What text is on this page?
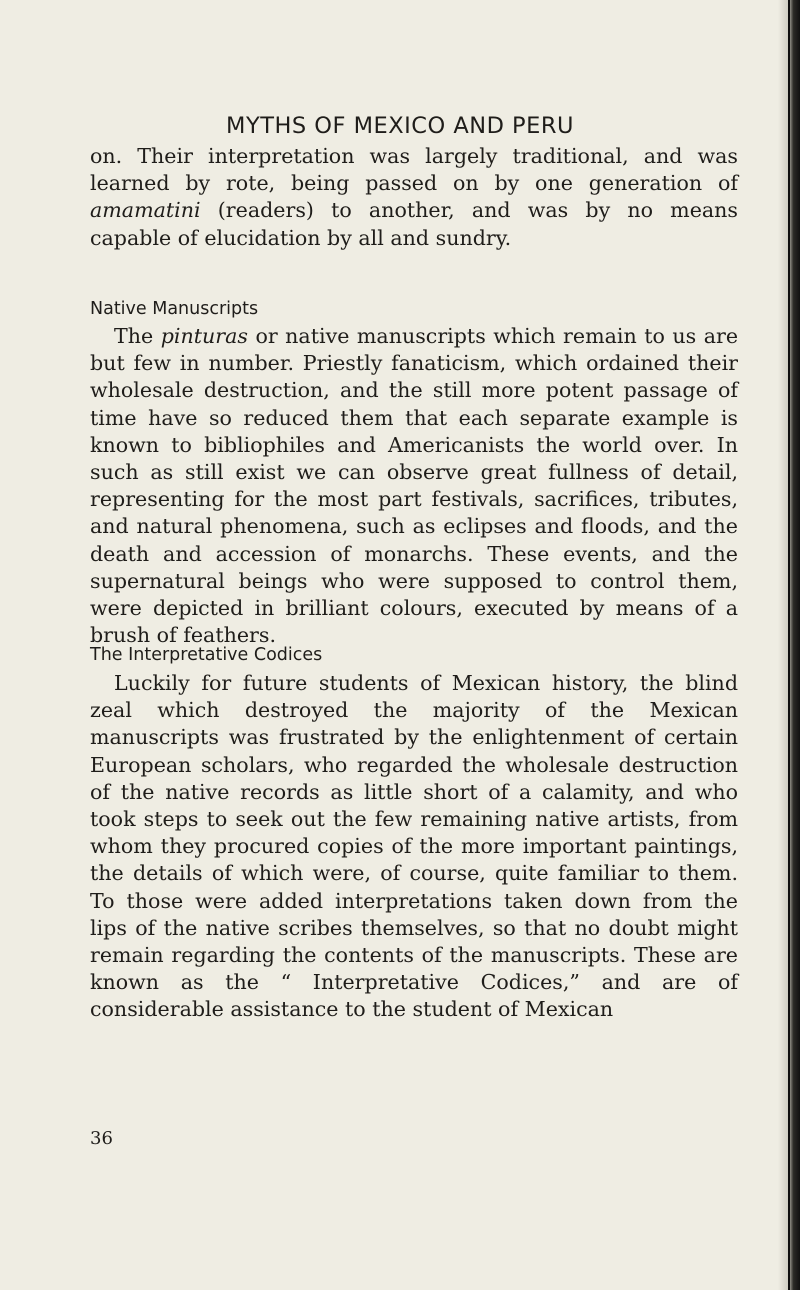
MYTHS OF MEXICO AND PERU

on. Their interpretation was largely traditional, and was learned by rote, being passed on by one generation of amamatini (readers) to another, and was by no means capable of elucidation by all and sundry.

Native Manuscripts

The pinturas or native manuscripts which remain to us are but few in number. Priestly fanaticism, which ordained their wholesale destruction, and the still more potent passage of time have so reduced them that each separate example is known to bibliophiles and Americanists the world over. In such as still exist we can observe great fullness of detail, representing for the most part festivals, sacrifices, tributes, and natural phenomena, such as eclipses and floods, and the death and accession of monarchs. These events, and the supernatural beings who were supposed to control them, were depicted in brilliant colours, executed by means of a brush of feathers.

The Interpretative Codices

Luckily for future students of Mexican history, the blind zeal which destroyed the majority of the Mexican manuscripts was frustrated by the enlightenment of certain European scholars, who regarded the wholesale destruction of the native records as little short of a calamity, and who took steps to seek out the few remaining native artists, from whom they procured copies of the more important paintings, the details of which were, of course, quite familiar to them. To those were added interpretations taken down from the lips of the native scribes themselves, so that no doubt might remain regarding the contents of the manuscripts. These are known as the “ Interpretative Codices,” and are of considerable assistance to the student of Mexican

36
